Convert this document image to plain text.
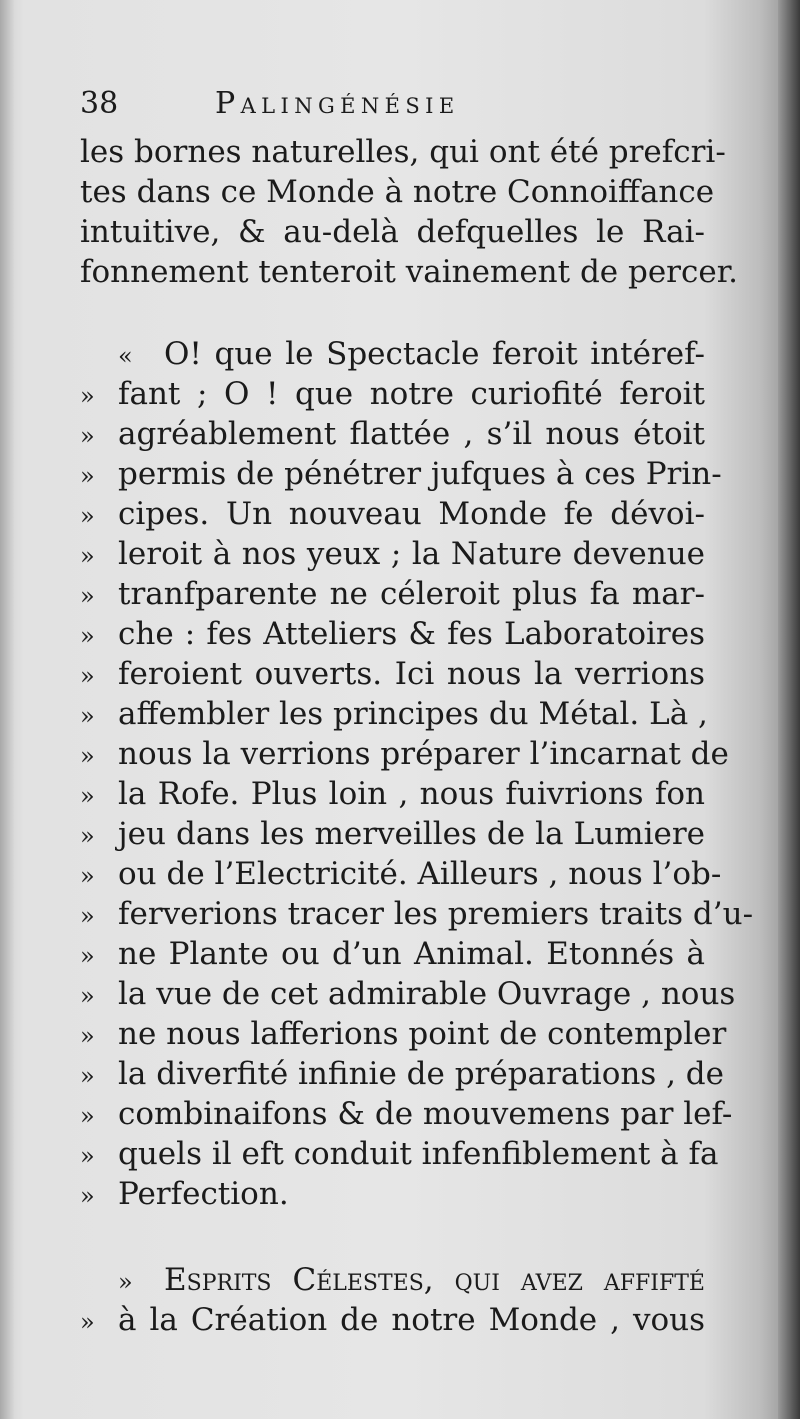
38	Palingénésie
les bornes naturelles, qui ont été prefcri-
tes dans ce Monde à notre Connoiffance
intuitive, & au-delà defquelles le Rai-
fonnement tenteroit vainement de percer.
«	O! que le Spectacle feroit intéref-
» fant ; O ! que notre curiofité feroit
» agréablement flattée , s’il nous étoit
» permis de pénétrer jufques à ces Prin-
» cipes. Un nouveau Monde fe dévoi-
» leroit à nos yeux ; la Nature devenue
» tranfparente ne céleroit plus fa mar-
» che : fes Atteliers & fes Laboratoires
» feroient ouverts. Ici nous la verrions
» affembler les principes du Métal. Là ,
» nous la verrions préparer l’incarnat de
» la Rofe. Plus loin , nous fuivrions fon
» jeu dans les merveilles de la Lumiere
» ou de l’Electricité. Ailleurs , nous l’ob-
» ferverions tracer les premiers traits d’u-
» ne Plante ou d’un Animal. Etonnés à
» la vue de cet admirable Ouvrage , nous
» ne nous lafferions point de contempler
» la diverfité infinie de préparations , de
» combinaifons & de mouvemens par lef-
» quels il eft conduit infenfiblement à fa
» Perfection.
»	Esprits Célestes, qui avez affifté
» à la Création de notre Monde , vous
